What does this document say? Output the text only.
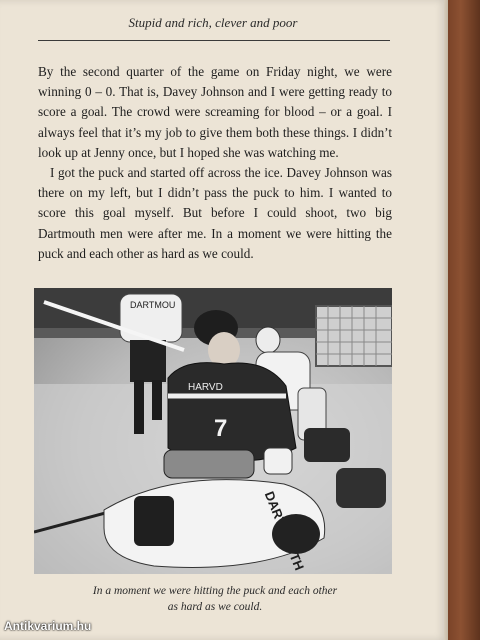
Stupid and rich, clever and poor

By the second quarter of the game on Friday night, we were winning 0 – 0. That is, Davey Johnson and I were getting ready to score a goal. The crowd were screaming for blood – or a goal. I always feel that it’s my job to give them both these things. I didn’t look up at Jenny once, but I hoped she was watching me.

I got the puck and started off across the ice. Davey Johnson was there on my left, but I didn’t pass the puck to him. I wanted to score this goal myself. But before I could shoot, two big Dartmouth men were after me. In a moment we were hitting the puck and each other as hard as we could.

DARTMOU
HARVD
7
In a moment we were hitting the puck and each other
as hard as we could.
Antikvarium.hu
